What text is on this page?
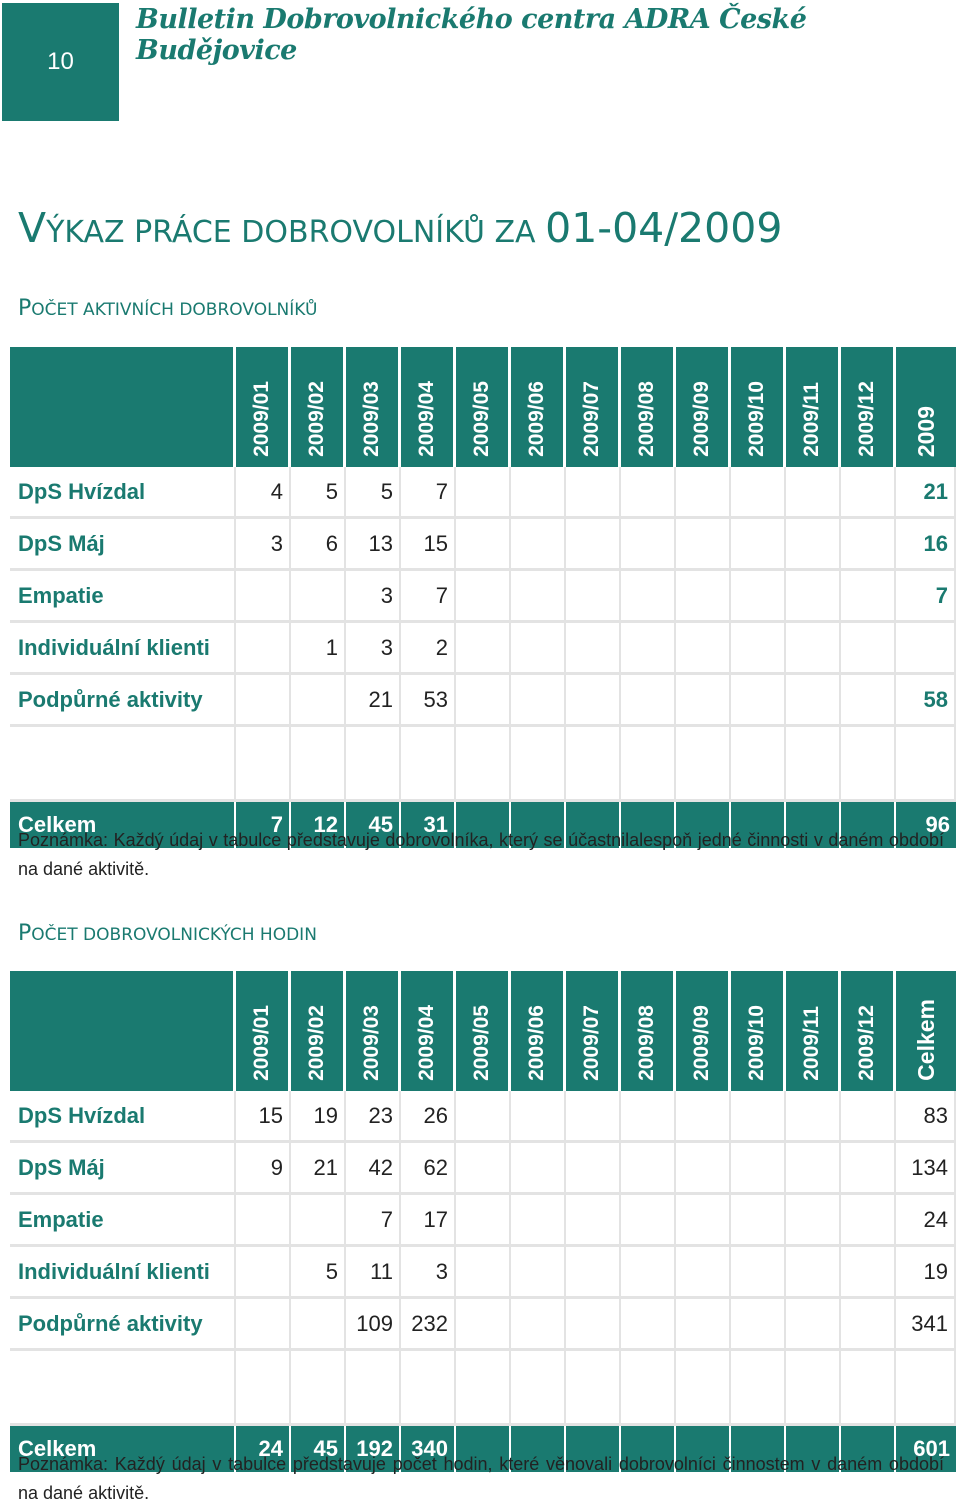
10
Bulletin Dobrovolnického centra ADRA České Budějovice
VÝKAZ PRÁCE DOBROVOLNÍKŮ ZA 01-04/2009
POČET AKTIVNÍCH DOBROVOLNÍKŮ

	2009/01	2009/02	2009/03	2009/04	2009/05	2009/06	2009/07	2009/08	2009/09	2009/10	2009/11	2009/12	2009

DpS Hvízdal	4	5	5	7									21
DpS Máj	3	6	13	15									16
Empatie			3	7									7
Individuální klienti		1	3	2									
Podpůrné aktivity			21	53									58

Celkem	7	12	45	31									96
Poznámka: Každý údaj v tabulce představuje dobrovolníka, který se účastnilalespoň jedné činnosti v daném období na dané aktivitě.
POČET DOBROVOLNICKÝCH HODIN

	2009/01	2009/02	2009/03	2009/04	2009/05	2009/06	2009/07	2009/08	2009/09	2009/10	2009/11	2009/12	Celkem

DpS Hvízdal	15	19	23	26									83
DpS Máj	9	21	42	62									134
Empatie			7	17									24
Individuální klienti		5	11	3									19
Podpůrné aktivity			109	232									341

Celkem	24	45	192	340									601
Poznámka: Každý údaj v tabulce představuje počet hodin, které věnovali dobrovolníci činnostem v daném období na dané aktivitě.
